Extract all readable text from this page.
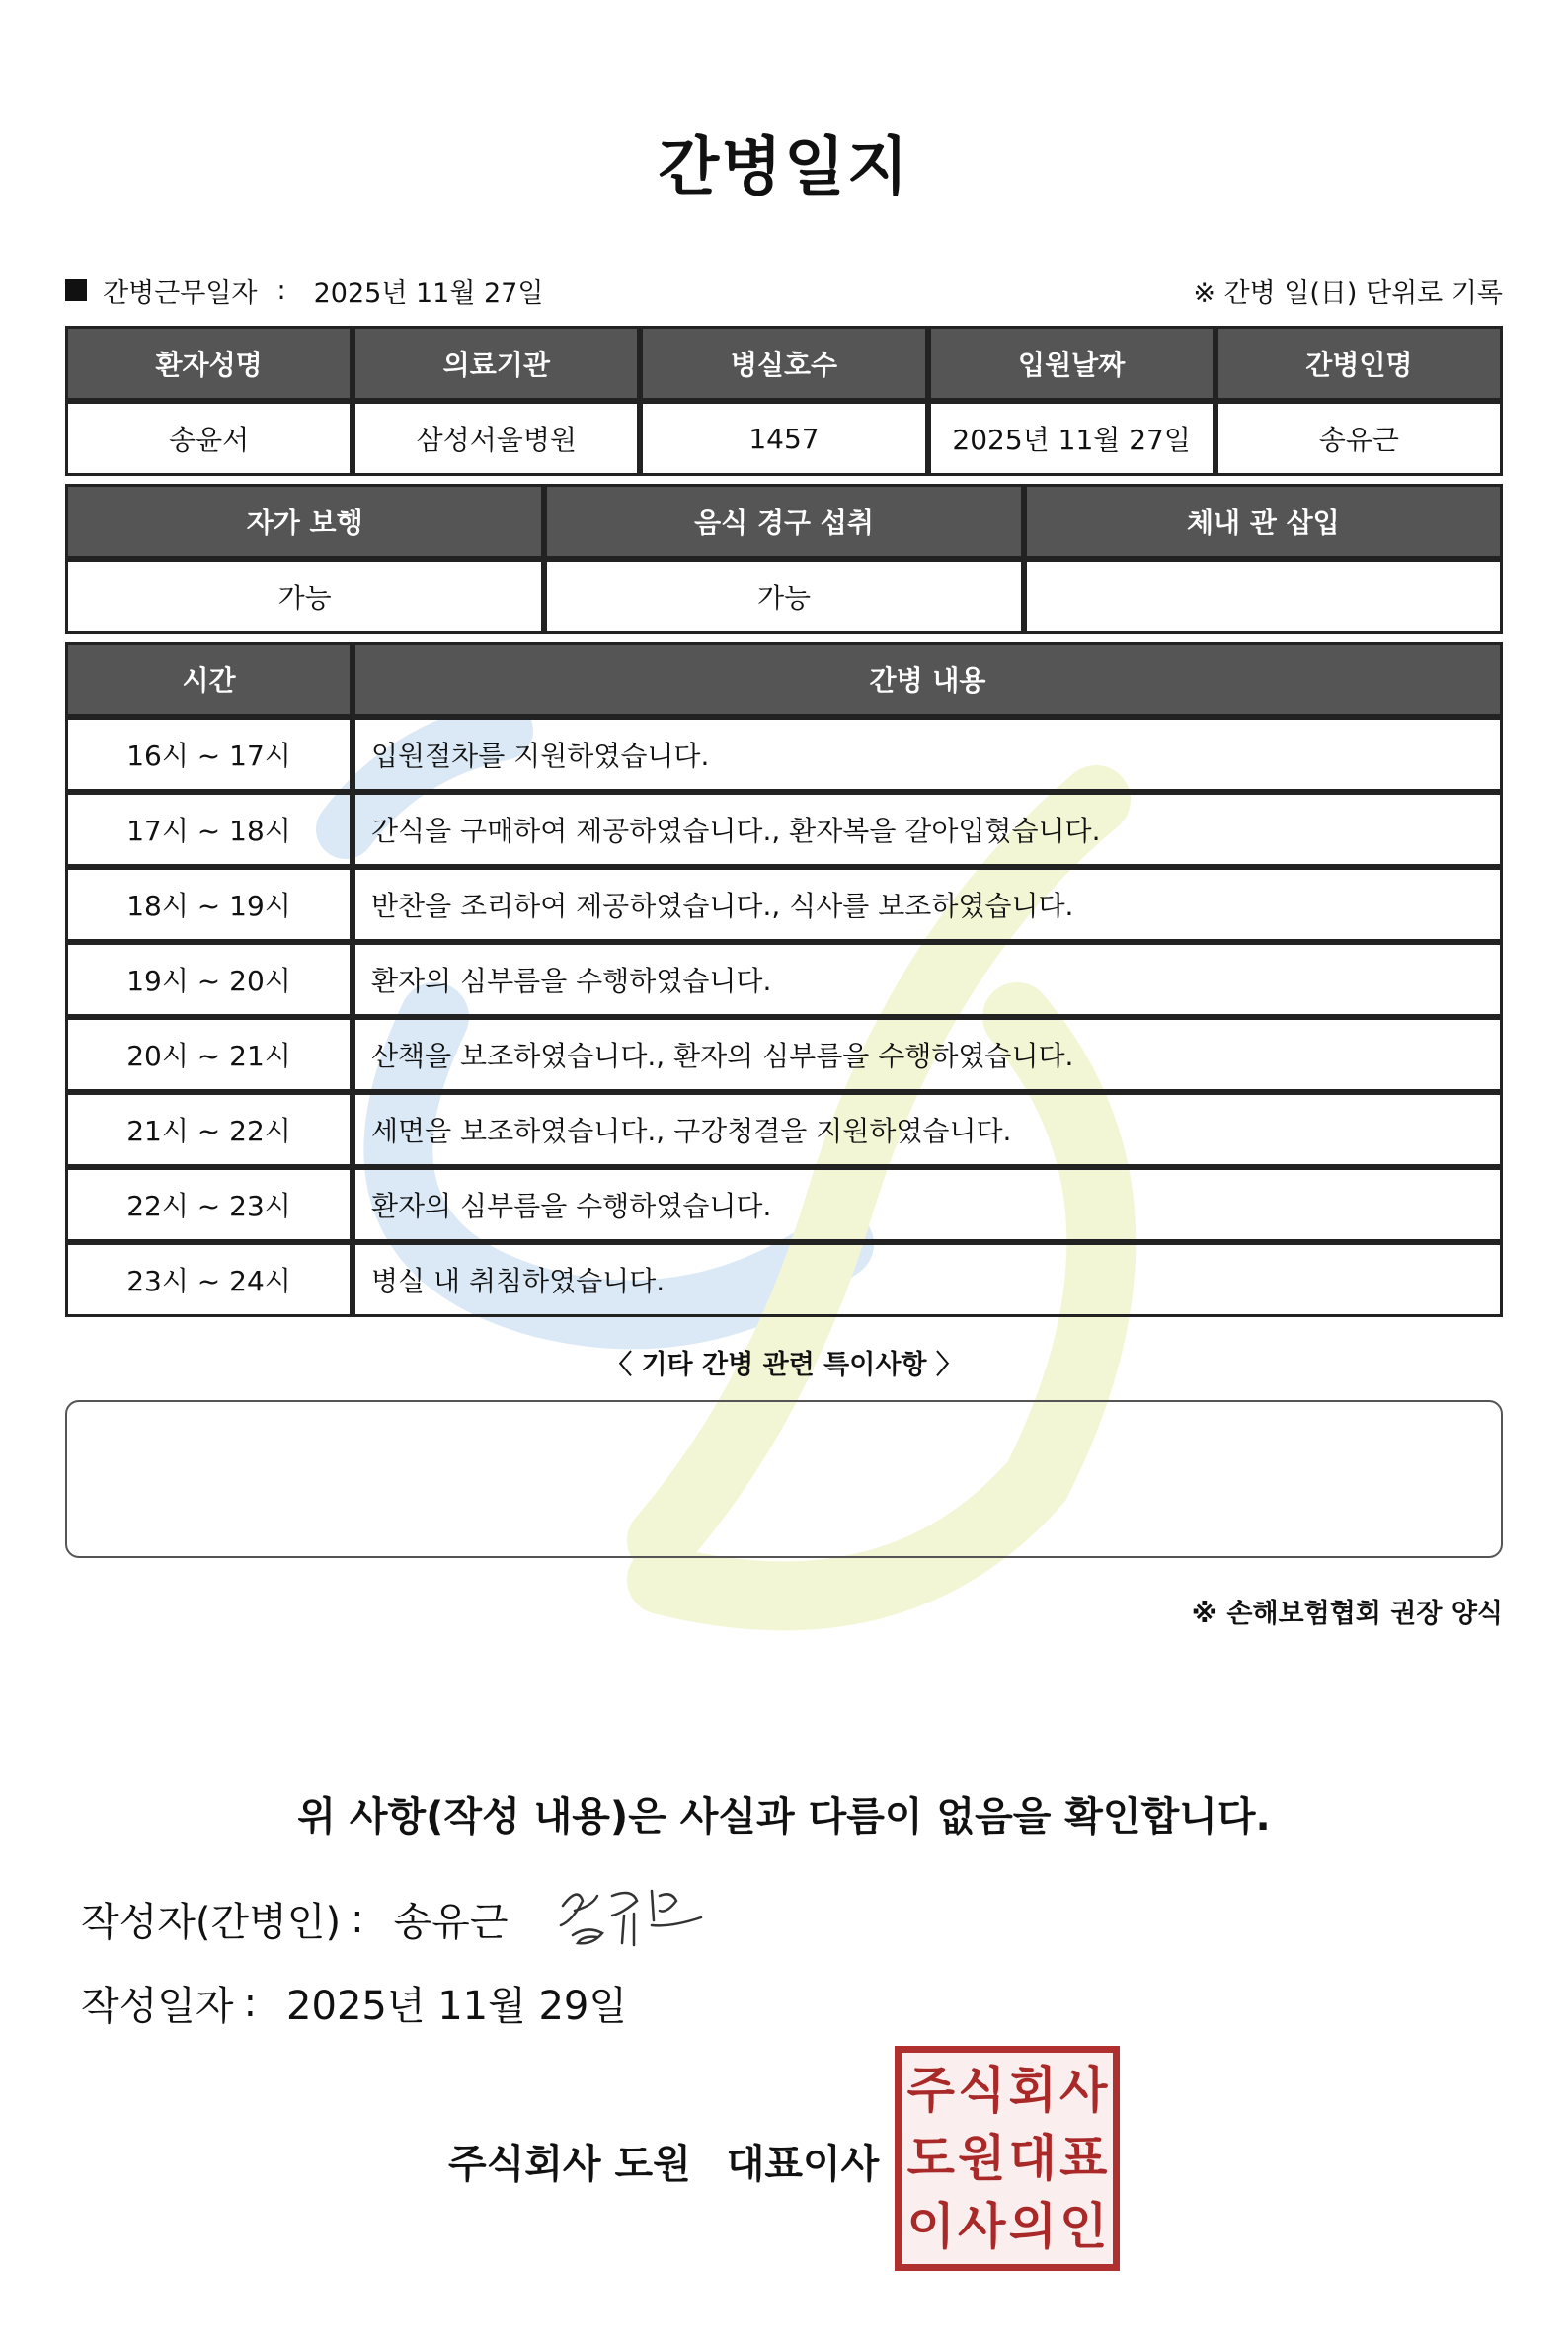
간병일지
간병근무일자 : 2025년 11월 27일	※ 간병 일(日) 단위로 기록
환자성명	의료기관	병실호수	입원날짜	간병인명
송윤서	삼성서울병원	1457	2025년 11월 27일	송유근
자가 보행	음식 경구 섭취	체내 관 삽입
가능	가능	
시간	간병 내용
16시 ~ 17시	입원절차를 지원하였습니다.
17시 ~ 18시	간식을 구매하여 제공하였습니다., 환자복을 갈아입혔습니다.
18시 ~ 19시	반찬을 조리하여 제공하였습니다., 식사를 보조하였습니다.
19시 ~ 20시	환자의 심부름을 수행하였습니다.
20시 ~ 21시	산책을 보조하였습니다., 환자의 심부름을 수행하였습니다.
21시 ~ 22시	세면을 보조하였습니다., 구강청결을 지원하였습니다.
22시 ~ 23시	환자의 심부름을 수행하였습니다.
23시 ~ 24시	병실 내 취침하였습니다.
〈 기타 간병 관련 특이사항 〉
※ 손해보험협회 권장 양식
위 사항(작성 내용)은 사실과 다름이 없음을 확인합니다.
작성자(간병인) : 송유근
작성일자 : 2025년 11월 29일
주식회사 도원 대표이사
주 식 회 사
도 원 대 표
이 사 의 인
